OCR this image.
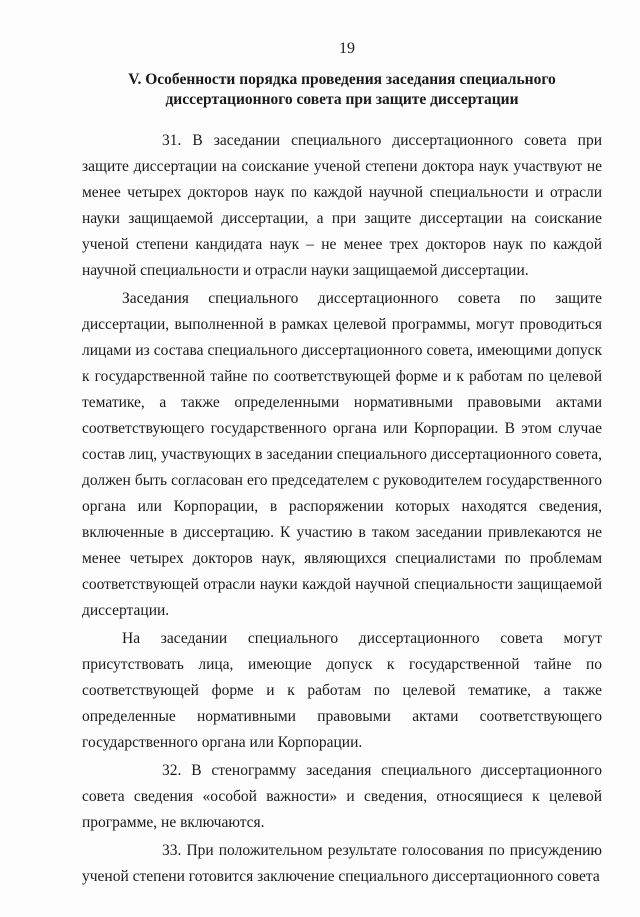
19
V. Особенности порядка проведения заседания специального
диссертационного совета при защите диссертации

31. В заседании специального диссертационного совета при защите диссертации на соискание ученой степени доктора наук участвуют не менее четырех докторов наук по каждой научной специальности и отрасли науки защищаемой диссертации, а при защите диссертации на соискание ученой степени кандидата наук – не менее трех докторов наук по каждой научной специальности и отрасли науки защищаемой диссертации.

Заседания специального диссертационного совета по защите диссертации, выполненной в рамках целевой программы, могут проводиться лицами из состава специального диссертационного совета, имеющими допуск к государственной тайне по соответствующей форме и к работам по целевой тематике, а также определенными нормативными правовыми актами соответствующего государственного органа или Корпорации. В этом случае состав лиц, участвующих в заседании специального диссертационного совета, должен быть согласован его председателем с руководителем государственного органа или Корпорации, в распоряжении которых находятся сведения, включенные в диссертацию. К участию в таком заседании привлекаются не менее четырех докторов наук, являющихся специалистами по проблемам соответствующей отрасли науки каждой научной специальности защищаемой диссертации.

На заседании специального диссертационного совета могут присутствовать лица, имеющие допуск к государственной тайне по соответствующей форме и к работам по целевой тематике, а также определенные нормативными правовыми актами соответствующего государственного органа или Корпорации.

32. В стенограмму заседания специального диссертационного совета сведения «особой важности» и сведения, относящиеся к целевой программе, не включаются.

33. При положительном результате голосования по присуждению ученой степени готовится заключение специального диссертационного совета
